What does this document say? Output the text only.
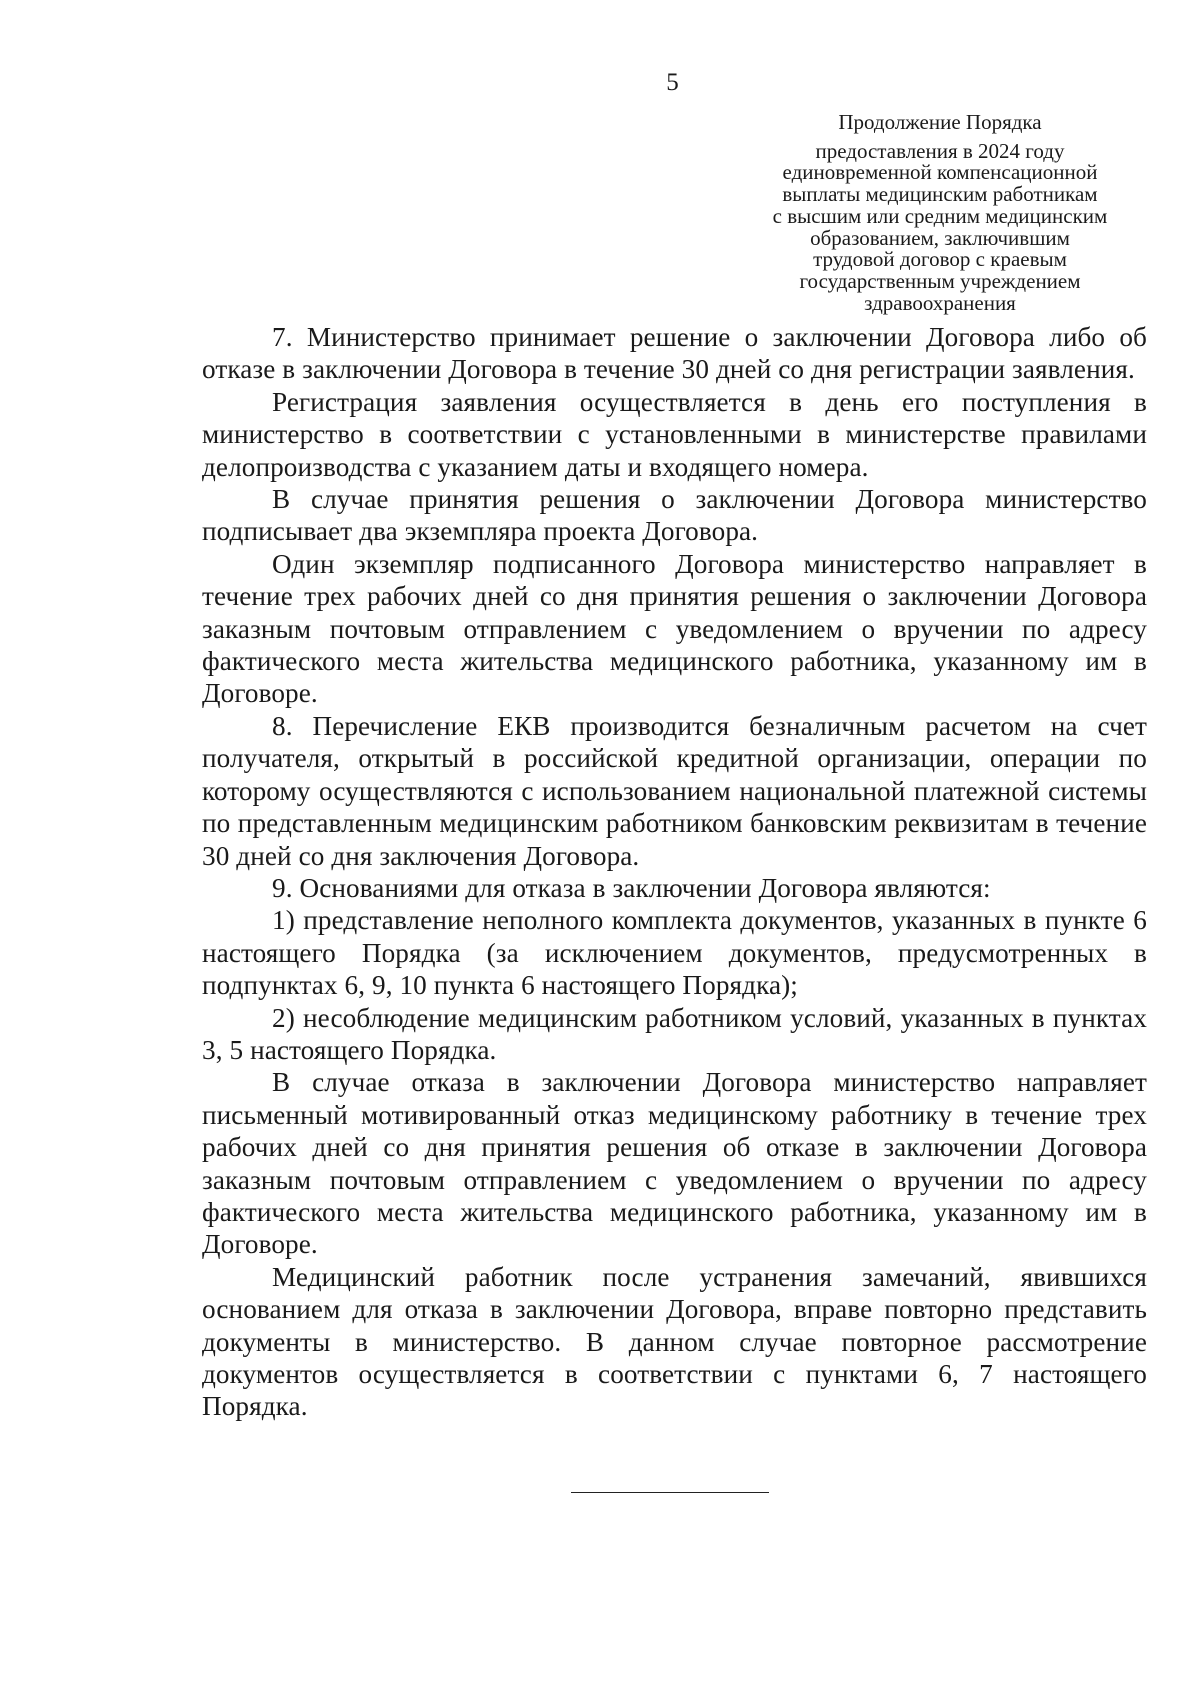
5
Продолжение Порядка
предоставления в 2024 году
единовременной компенсационной
выплаты медицинским работникам
с высшим или средним медицинским
образованием, заключившим
трудовой договор с краевым
государственным учреждением
здравоохранения

7. Министерство принимает решение о заключении Договора либо об отказе в заключении Договора в течение 30 дней со дня регистрации заявления.

Регистрация заявления осуществляется в день его поступления в министерство в соответствии с установленными в министерстве правилами делопроизводства с указанием даты и входящего номера.

В случае принятия решения о заключении Договора министерство подписывает два экземпляра проекта Договора.

Один экземпляр подписанного Договора министерство направляет в течение трех рабочих дней со дня принятия решения о заключении Договора заказным почтовым отправлением с уведомлением о вручении по адресу фактического места жительства медицинского работника, указанному им в Договоре.

8. Перечисление ЕКВ производится безналичным расчетом на счет получателя, открытый в российской кредитной организации, операции по которому осуществляются с использованием национальной платежной системы по представленным медицинским работником банковским реквизитам в течение 30 дней со дня заключения Договора.

9. Основаниями для отказа в заключении Договора являются:

1) представление неполного комплекта документов, указанных в пункте 6 настоящего Порядка (за исключением документов, предусмотренных в подпунктах 6, 9, 10 пункта 6 настоящего Порядка);

2) несоблюдение медицинским работником условий, указанных в пунктах 3, 5 настоящего Порядка.

В случае отказа в заключении Договора министерство направляет письменный мотивированный отказ медицинскому работнику в течение трех рабочих дней со дня принятия решения об отказе в заключении Договора заказным почтовым отправлением с уведомлением о вручении по адресу фактического места жительства медицинского работника, указанному им в Договоре.

Медицинский работник после устранения замечаний, явившихся основанием для отказа в заключении Договора, вправе повторно представить документы в министерство. В данном случае повторное рассмотрение документов осуществляется в соответствии с пунктами 6, 7 настоящего Порядка.
